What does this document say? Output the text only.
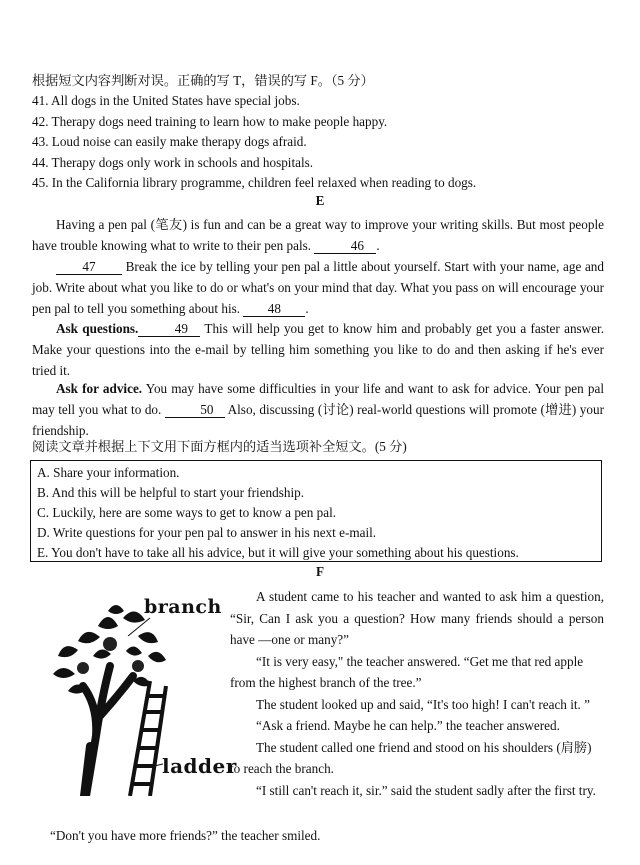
根据短文内容判断对误。正确的写 T，错误的写 F。（5 分）
41. All dogs in the United States have special jobs.
42. Therapy dogs need training to learn how to make people happy.
43. Loud noise can easily make therapy dogs afraid.
44. Therapy dogs only work in schools and hospitals.
45. In the California library programme, children feel relaxed when reading to dogs.
E
Having a pen pal (笔友) is fun and can be a great way to improve your writing skills. But most people have trouble knowing what to write to their pen pals.	46 .
47 Break the ice by telling your pen pal a little about yourself. Start with your name, age and job. Write about what you like to do or what's on your mind that day. What you pass on will encourage your pen pal to tell you something about his. 48 .
Ask questions.	49 This will help you get to know him and probably get you a faster answer. Make your questions into the e-mail by telling him something you like to do and then asking if he's ever tried it.
Ask for advice. You may have some difficulties in your life and want to ask for advice. Your pen pal may tell you what to do.	50 Also, discussing (讨论) real-world questions will promote (增进) your friendship.
阅读文章并根据上下文用下面方框内的适当选项补全短文。(5 分)
A. Share your information.
B. And this will be helpful to start your friendship.
C. Luckily, here are some ways to get to know a pen pal.
D. Write questions for your pen pal to answer in his next e-mail.
E. You don't have to take all his advice, but it will give your something about his questions.
F
branch
ladder
A student came to his teacher and wanted to ask him a question, “Sir, Can I ask you a question? How many friends should a person have —one or many?”
“It is very easy," the teacher answered. “Get me that red apple from the highest branch of the tree.”
The student looked up and said, “It's too high! I can't reach it. ”
“Ask a friend. Maybe he can help.” the teacher answered.
The student called one friend and stood on his shoulders (肩膀) to reach the branch.
“I still can't reach it, sir.” said the student sadly after the first try.
“Don't you have more friends?” the teacher smiled.
